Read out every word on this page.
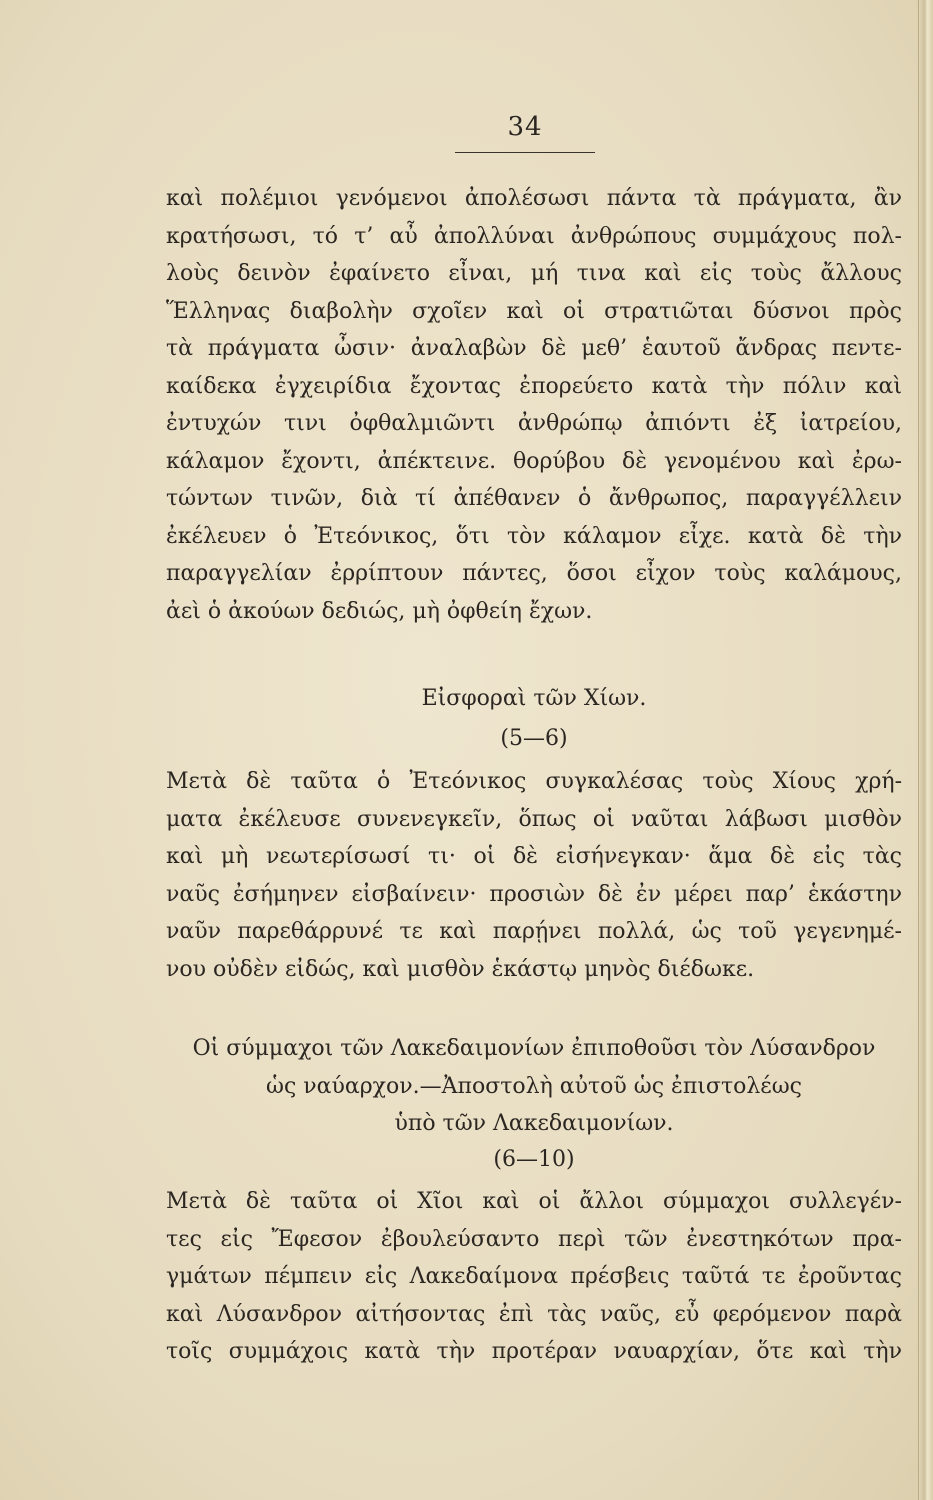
34
καὶ πολέμιοι γενόμενοι ἀπολέσωσι πάντα τὰ πράγματα, ἂν
κρατήσωσι, τό τ’ αὖ ἀπολλύναι ἀνθρώπους συμμάχους πολ-
λοὺς δεινὸν ἐφαίνετο εἶναι, μή τινα καὶ εἰς τοὺς ἄλλους
Ἕλληνας διαβολὴν σχοῖεν καὶ οἱ στρατιῶται δύσνοι πρὸς
τὰ πράγματα ὦσιν· ἀναλαβὼν δὲ μεθ’ ἑαυτοῦ ἄνδρας πεντε-
καίδεκα ἐγχειρίδια ἔχοντας ἐπορεύετο κατὰ τὴν πόλιν καὶ
ἐντυχών τινι ὀφθαλμιῶντι ἀνθρώπῳ ἀπιόντι ἐξ ἰατρείου,
κάλαμον ἔχοντι, ἀπέκτεινε. θορύβου δὲ γενομένου καὶ ἐρω-
τώντων τινῶν, διὰ τί ἀπέθανεν ὁ ἄνθρωπος, παραγγέλλειν
ἐκέλευεν ὁ Ἐτεόνικος, ὅτι τὸν κάλαμον εἶχε. κατὰ δὲ τὴν
παραγγελίαν ἐρρίπτουν πάντες, ὅσοι εἶχον τοὺς καλάμους,
ἀεὶ ὁ ἀκούων δεδιώς, μὴ ὀφθείη ἔχων.
Εἰσφοραὶ τῶν Χίων.
(5—6)
Μετὰ δὲ ταῦτα ὁ Ἐτεόνικος συγκαλέσας τοὺς Χίους χρή-
ματα ἐκέλευσε συνενεγκεῖν, ὅπως οἱ ναῦται λάβωσι μισθὸν
καὶ μὴ νεωτερίσωσί τι· οἱ δὲ εἰσήνεγκαν· ἅμα δὲ εἰς τὰς
ναῦς ἐσήμηνεν εἰσβαίνειν· προσιὼν δὲ ἐν μέρει παρ’ ἑκάστην
ναῦν παρεθάρρυνέ τε καὶ παρῄνει πολλά, ὡς τοῦ γεγενημέ-
νου οὐδὲν εἰδώς, καὶ μισθὸν ἑκάστῳ μηνὸς διέδωκε.
Οἱ σύμμαχοι τῶν Λακεδαιμονίων ἐπιποθοῦσι τὸν Λύσανδρον
ὡς ναύαρχον.—Ἀποστολὴ αὐτοῦ ὡς ἐπιστολέως
ὑπὸ τῶν Λακεδαιμονίων.
(6—10)
Μετὰ δὲ ταῦτα οἱ Χῖοι καὶ οἱ ἄλλοι σύμμαχοι συλλεγέν-
τες εἰς Ἔφεσον ἐβουλεύσαντο περὶ τῶν ἐνεστηκότων πρα-
γμάτων πέμπειν εἰς Λακεδαίμονα πρέσβεις ταῦτά τε ἐροῦντας
καὶ Λύσανδρον αἰτήσοντας ἐπὶ τὰς ναῦς, εὖ φερόμενον παρὰ
τοῖς συμμάχοις κατὰ τὴν προτέραν ναυαρχίαν, ὅτε καὶ τὴν
